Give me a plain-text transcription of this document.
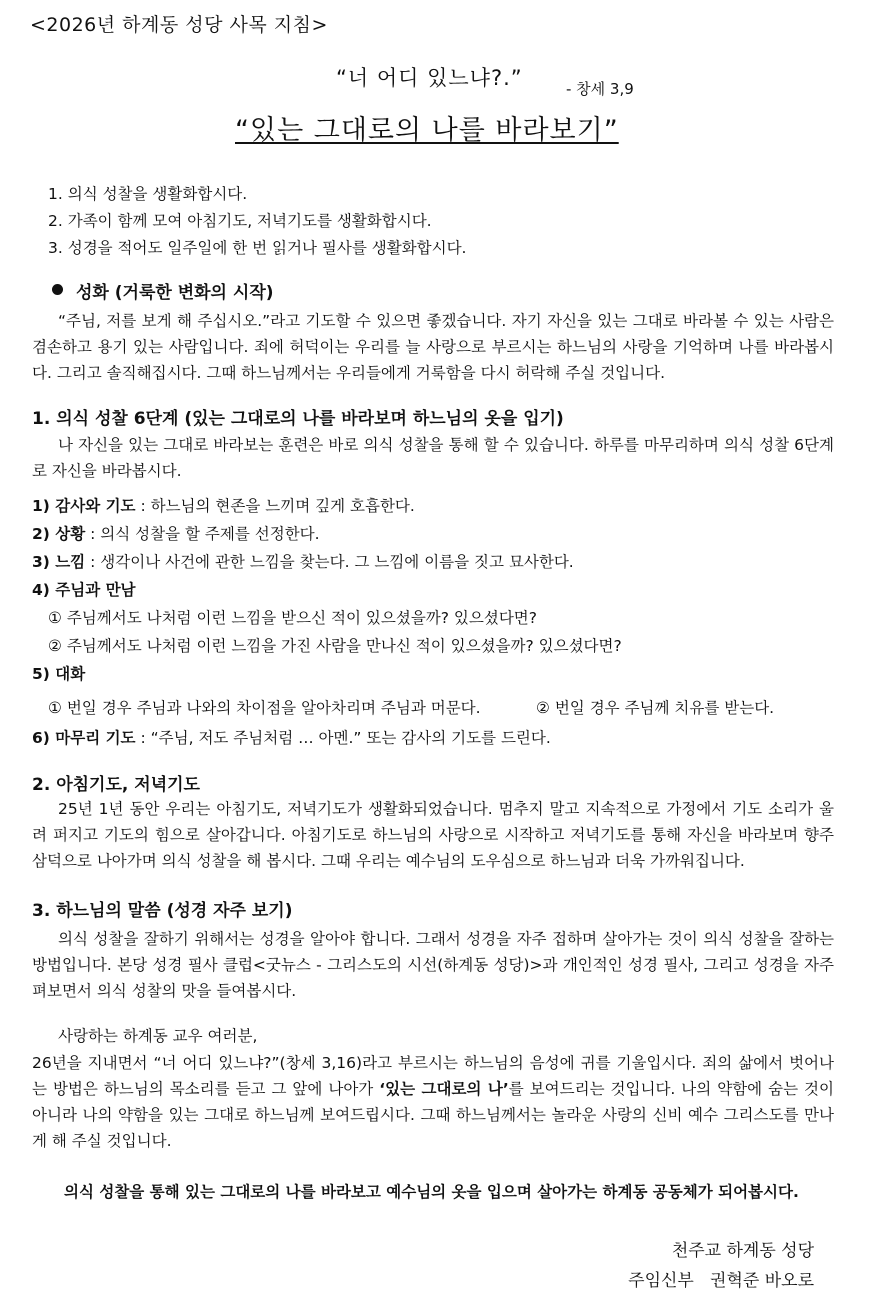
<2026년 하계동 성당 사목 지침>
“너 어디 있느냐?.”	- 창세 3,9
“있는 그대로의 나를 바라보기”
1. 의식 성찰을 생활화합시다.
2. 가족이 함께 모여 아침기도, 저녁기도를 생활화합시다.
3. 성경을 적어도 일주일에 한 번 읽거나 필사를 생활화합시다.
성화 (거룩한 변화의 시작)
“주님, 저를 보게 해 주십시오.”라고 기도할 수 있으면 좋겠습니다. 자기 자신을 있는 그대로 바라볼 수 있는 사람은 겸손하고 용기 있는 사람입니다. 죄에 허덕이는 우리를 늘 사랑으로 부르시는 하느님의 사랑을 기억하며 나를 바라봅시다. 그리고 솔직해집시다. 그때 하느님께서는 우리들에게 거룩함을 다시 허락해 주실 것입니다.
1. 의식 성찰 6단계 (있는 그대로의 나를 바라보며 하느님의 옷을 입기)
나 자신을 있는 그대로 바라보는 훈련은 바로 의식 성찰을 통해 할 수 있습니다. 하루를 마무리하며 의식 성찰 6단계로 자신을 바라봅시다.
1) 감사와 기도 : 하느님의 현존을 느끼며 깊게 호흡한다.
2) 상황 : 의식 성찰을 할 주제를 선정한다.
3) 느낌 : 생각이나 사건에 관한 느낌을 찾는다. 그 느낌에 이름을 짓고 묘사한다.
4) 주님과 만남
① 주님께서도 나처럼 이런 느낌을 받으신 적이 있으셨을까? 있으셨다면?
② 주님께서도 나처럼 이런 느낌을 가진 사람을 만나신 적이 있으셨을까? 있으셨다면?
5) 대화
① 번일 경우 주님과 나와의 차이점을 알아차리며 주님과 머문다.	② 번일 경우 주님께 치유를 받는다.
6) 마무리 기도 : “주님, 저도 주님처럼 … 아멘.” 또는 감사의 기도를 드린다.
2. 아침기도, 저녁기도
25년 1년 동안 우리는 아침기도, 저녁기도가 생활화되었습니다. 멈추지 말고 지속적으로 가정에서 기도 소리가 울려 퍼지고 기도의 힘으로 살아갑니다. 아침기도로 하느님의 사랑으로 시작하고 저녁기도를 통해 자신을 바라보며 향주삼덕으로 나아가며 의식 성찰을 해 봅시다. 그때 우리는 예수님의 도우심으로 하느님과 더욱 가까워집니다.
3. 하느님의 말씀 (성경 자주 보기)
의식 성찰을 잘하기 위해서는 성경을 알아야 합니다. 그래서 성경을 자주 접하며 살아가는 것이 의식 성찰을 잘하는 방법입니다. 본당 성경 필사 클럽<굿뉴스 - 그리스도의 시선(하계동 성당)>과 개인적인 성경 필사, 그리고 성경을 자주 펴보면서 의식 성찰의 맛을 들여봅시다.
사랑하는 하계동 교우 여러분,
26년을 지내면서 “너 어디 있느냐?”(창세 3,16)라고 부르시는 하느님의 음성에 귀를 기울입시다. 죄의 삶에서 벗어나는 방법은 하느님의 목소리를 듣고 그 앞에 나아가 ‘있는 그대로의 나’를 보여드리는 것입니다. 나의 약함에 숨는 것이 아니라 나의 약함을 있는 그대로 하느님께 보여드립시다. 그때 하느님께서는 놀라운 사랑의 신비 예수 그리스도를 만나게 해 주실 것입니다.
의식 성찰을 통해 있는 그대로의 나를 바라보고 예수님의 옷을 입으며 살아가는 하계동 공동체가 되어봅시다.
천주교 하계동 성당
주임신부   권혁준 바오로
